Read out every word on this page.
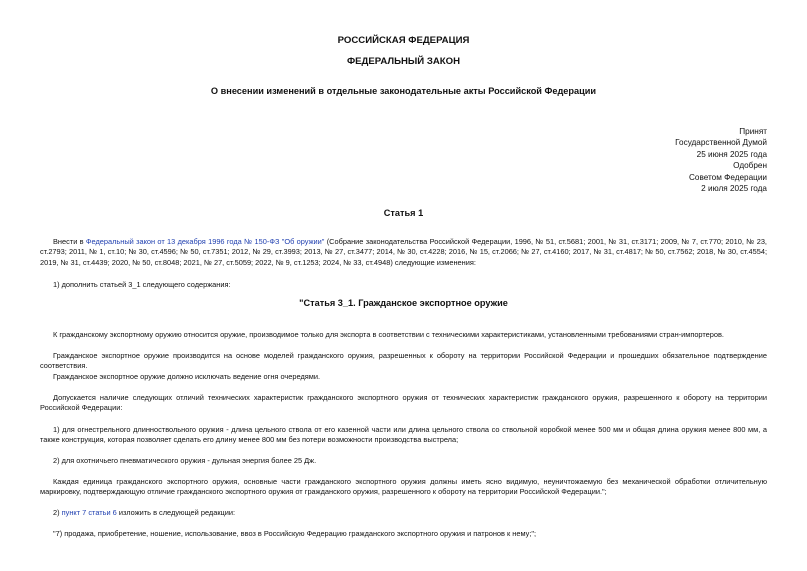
РОССИЙСКАЯ ФЕДЕРАЦИЯ
ФЕДЕРАЛЬНЫЙ ЗАКОН
О внесении изменений в отдельные законодательные акты Российской Федерации
Принят
Государственной Думой
25 июня 2025 года
Одобрен
Советом Федерации
2 июля 2025 года
Статья 1
Внести в Федеральный закон от 13 декабря 1996 года № 150-ФЗ "Об оружии" (Собрание законодательства Российской Федерации, 1996, № 51, ст.5681; 2001, № 31, ст.3171; 2009, № 7, ст.770; 2010, № 23, ст.2793; 2011, № 1, ст.10; № 30, ст.4596; № 50, ст.7351; 2012, № 29, ст.3993; 2013, № 27, ст.3477; 2014, № 30, ст.4228; 2016, № 15, ст.2066; № 27, ст.4160; 2017, № 31, ст.4817; № 50, ст.7562; 2018, № 30, ст.4554; 2019, № 31, ст.4439; 2020, № 50, ст.8048; 2021, № 27, ст.5059; 2022, № 9, ст.1253; 2024, № 33, ст.4948) следующие изменения:
1) дополнить статьей 3_1 следующего содержания:
"Статья 3_1. Гражданское экспортное оружие
К гражданскому экспортному оружию относится оружие, производимое только для экспорта в соответствии с техническими характеристиками, установленными требованиями стран-импортеров.
Гражданское экспортное оружие производится на основе моделей гражданского оружия, разрешенных к обороту на территории Российской Федерации и прошедших обязательное подтверждение соответствия.
Гражданское экспортное оружие должно исключать ведение огня очередями.
Допускается наличие следующих отличий технических характеристик гражданского экспортного оружия от технических характеристик гражданского оружия, разрешенного к обороту на территории Российской Федерации:
1) для огнестрельного длинноствольного оружия - длина цельного ствола от его казенной части или длина цельного ствола со ствольной коробкой менее 500 мм и общая длина оружия менее 800 мм, а также конструкция, которая позволяет сделать его длину менее 800 мм без потери возможности производства выстрела;
2) для охотничьего пневматического оружия - дульная энергия более 25 Дж.
Каждая единица гражданского экспортного оружия, основные части гражданского экспортного оружия должны иметь ясно видимую, неуничтожаемую без механической обработки отличительную маркировку, подтверждающую отличие гражданского экспортного оружия от гражданского оружия, разрешенного к обороту на территории Российской Федерации.";
2) пункт 7 статьи 6 изложить в следующей редакции:
"7) продажа, приобретение, ношение, использование, ввоз в Российскую Федерацию гражданского экспортного оружия и патронов к нему;";
